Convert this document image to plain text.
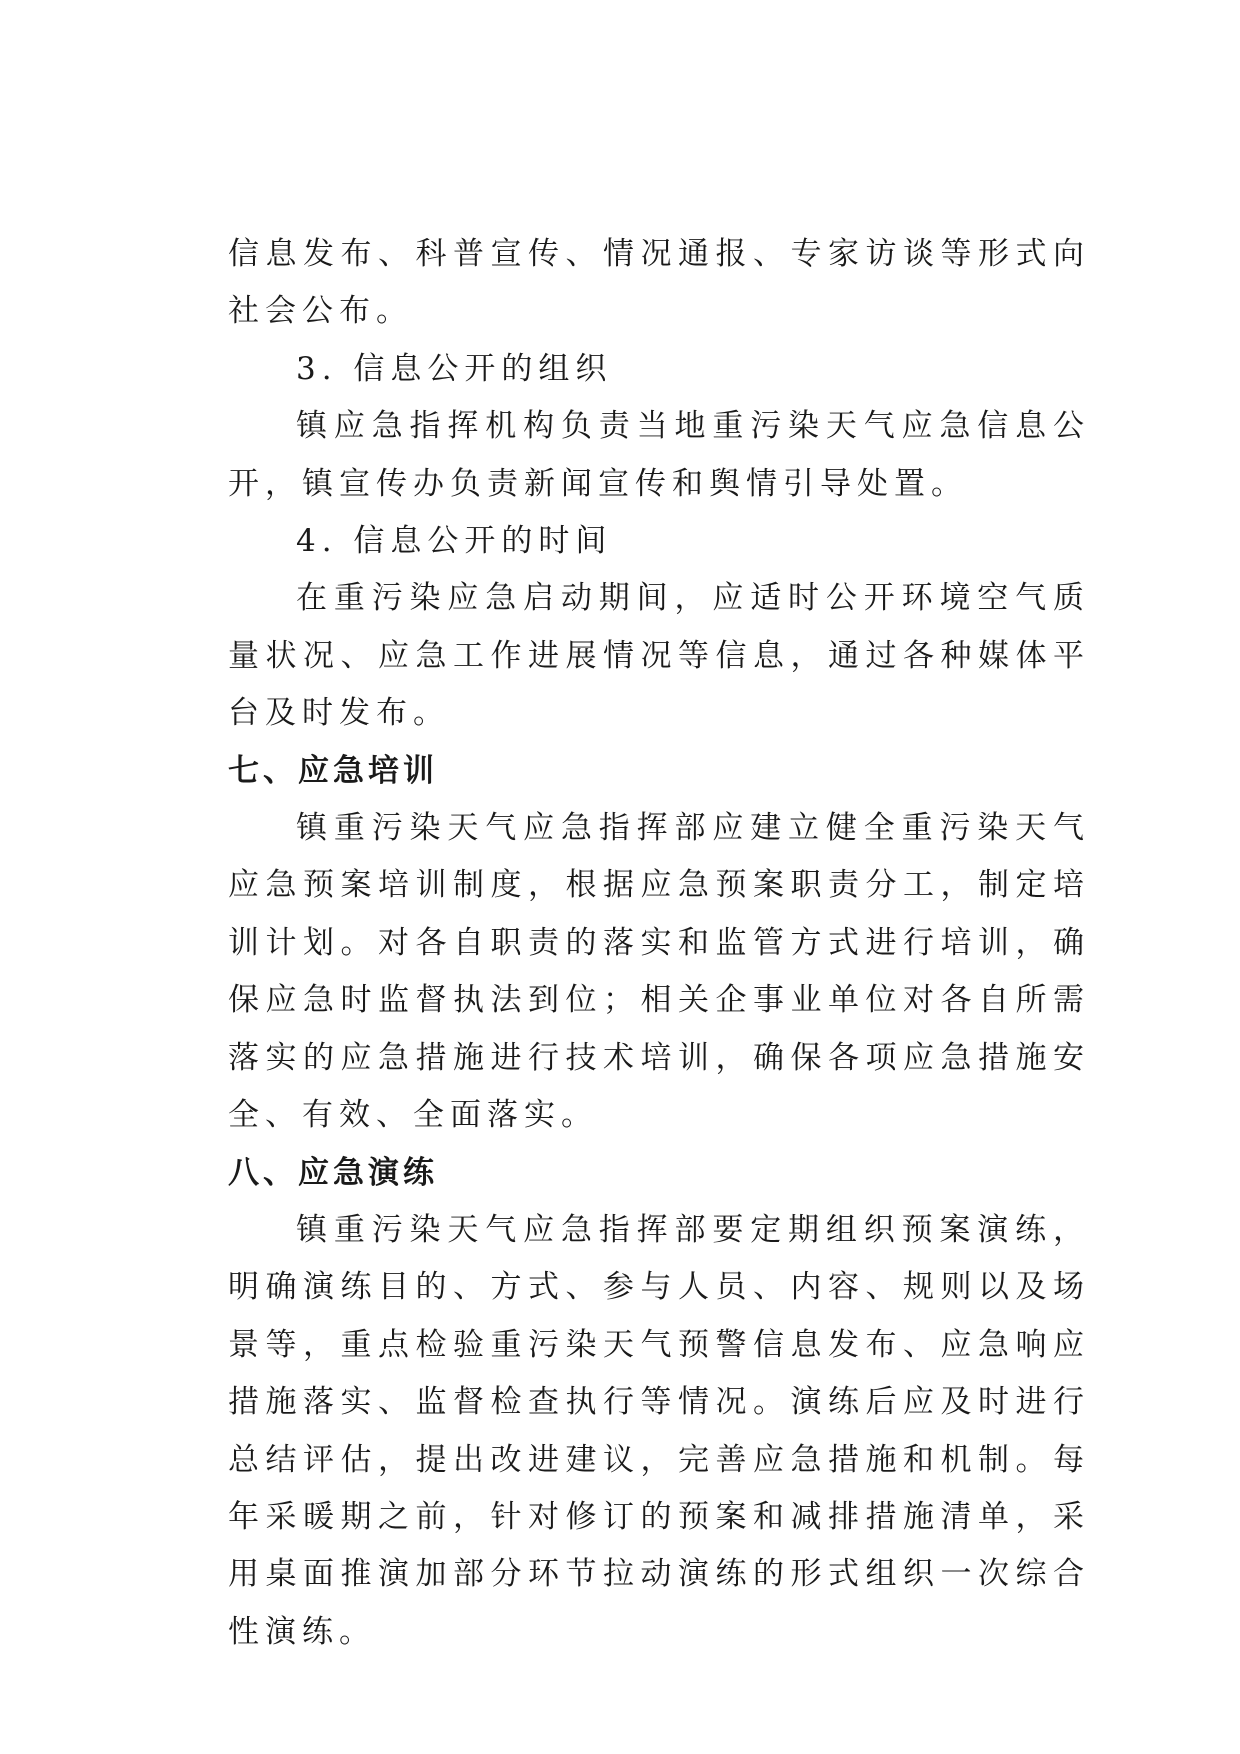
信息发布、科普宣传、情况通报、专家访谈等形式向社会公布。

3. 信息公开的组织

镇应急指挥机构负责当地重污染天气应急信息公开，镇宣传办负责新闻宣传和舆情引导处置。

4. 信息公开的时间

在重污染应急启动期间，应适时公开环境空气质量状况、应急工作进展情况等信息，通过各种媒体平台及时发布。

七、应急培训

镇重污染天气应急指挥部应建立健全重污染天气应急预案培训制度，根据应急预案职责分工，制定培训计划。对各自职责的落实和监管方式进行培训，确保应急时监督执法到位；相关企事业单位对各自所需落实的应急措施进行技术培训，确保各项应急措施安全、有效、全面落实。

八、应急演练

镇重污染天气应急指挥部要定期组织预案演练，明确演练目的、方式、参与人员、内容、规则以及场景等，重点检验重污染天气预警信息发布、应急响应措施落实、监督检查执行等情况。演练后应及时进行总结评估，提出改进建议，完善应急措施和机制。每年采暖期之前，针对修订的预案和减排措施清单，采用桌面推演加部分环节拉动演练的形式组织一次综合性演练。
